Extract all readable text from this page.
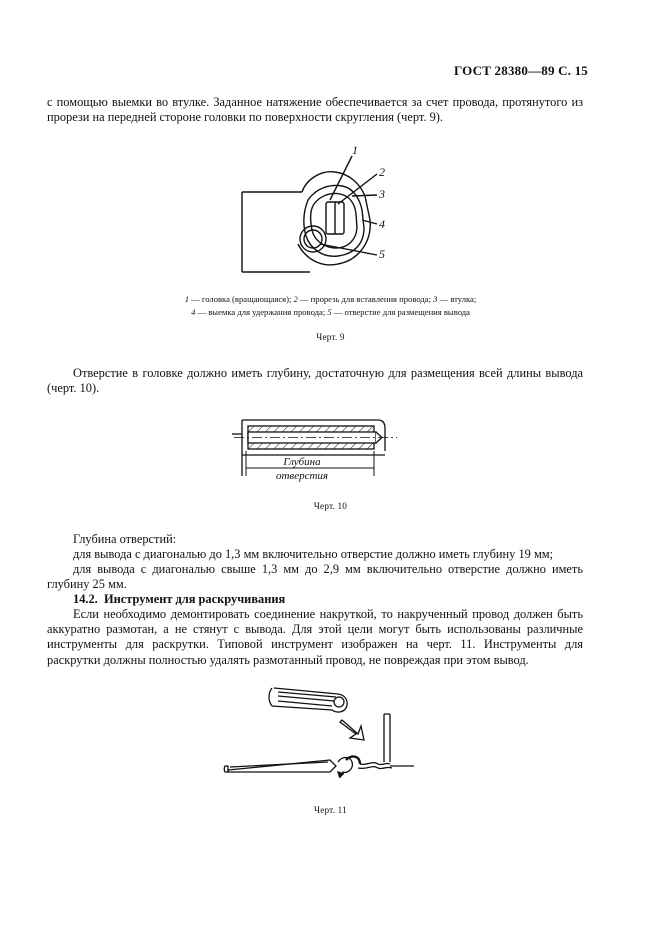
ГОСТ 28380—89 С. 15
с помощью выемки во втулке. Заданное натяжение обеспечивается за счет провода, протянутого из прорези на передней стороне головки по поверхности скругления (черт. 9).
1
2
3
4
5
1 — головка (вращающаяся); 2 — прорезь для вставления провода; 3 — втулка;
4 — выемка для удержания провода; 5 — отверстие для размещения вывода
Черт. 9
Отверстие в головке должно иметь глубину, достаточную для размещения всей длины вывода (черт. 10).
Глубина
отверстия
Черт. 10
Глубина отверстий:
для вывода с диагональю до 1,3 мм включительно отверстие должно иметь глубину 19 мм;
для вывода с диагональю свыше 1,3 мм до 2,9 мм включительно отверстие должно иметь глубину 25 мм.
14.2. Инструмент для раскручивания
Если необходимо демонтировать соединение накруткой, то накрученный провод должен быть аккуратно размотан, а не стянут с вывода. Для этой цели могут быть использованы различные инструменты для раскрутки. Типовой инструмент изображен на черт. 11. Инструменты для раскрутки должны полностью удалять размотанный провод, не повреждая при этом вывод.
Черт. 11
